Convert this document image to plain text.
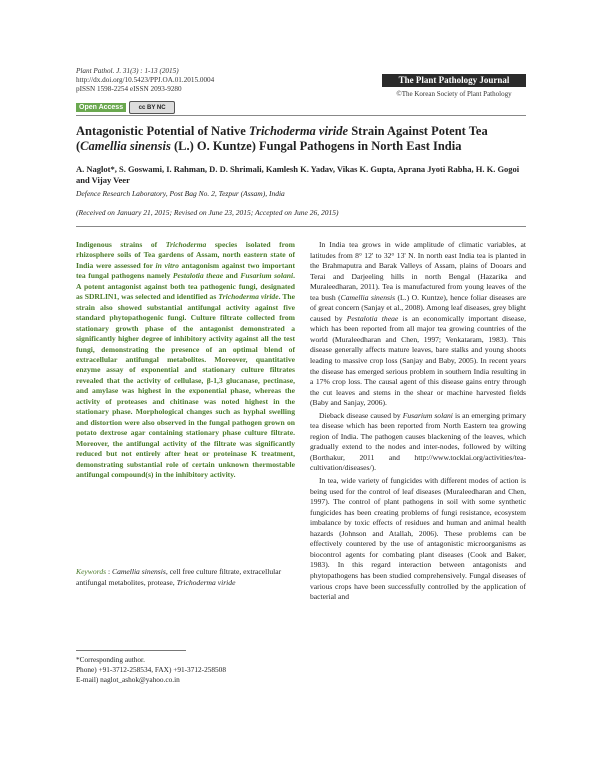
Plant Pathol. J. 31(3) : 1-13 (2015)
http://dx.doi.org/10.5423/PPJ.OA.01.2015.0004
pISSN 1598-2254 eISSN 2093-9280
Open Access	cc BY NC
The Plant Pathology Journal
©The Korean Society of Plant Pathology
Antagonistic Potential of Native Trichoderma viride Strain Against Potent Tea (Camellia sinensis (L.) O. Kuntze) Fungal Pathogens in North East India
A. Naglot*, S. Goswami, I. Rahman, D. D. Shrimali, Kamlesh K. Yadav, Vikas K. Gupta, Aprana Jyoti Rabha, H. K. Gogoi and Vijay Veer
Defence Research Laboratory, Post Bag No. 2, Tezpur (Assam), India
(Received on January 21, 2015; Revised on June 23, 2015; Accepted on June 26, 2015)
Indigenous strains of Trichoderma species isolated from rhizosphere soils of Tea gardens of Assam, north eastern state of India were assessed for in vitro antagonism against two important tea fungal pathogens namely Pestalotia theae and Fusarium solani. A potent antagonist against both tea pathogenic fungi, designated as SDRLIN1, was selected and identified as Trichoderma viride. The strain also showed substantial antifungal activity against five standard phytopathogenic fungi. Culture filtrate collected from stationary growth phase of the antagonist demonstrated a significantly higher degree of inhibitory activity against all the test fungi, demonstrating the presence of an optimal blend of extracellular antifungal metabolites. Moreover, quantitative enzyme assay of exponential and stationary culture filtrates revealed that the activity of cellulase, β-1,3 glucanase, pectinase, and amylase was highest in the exponential phase, whereas the activity of proteases and chitinase was noted highest in the stationary phase. Morphological changes such as hyphal swelling and distortion were also observed in the fungal pathogen grown on potato dextrose agar containing stationary phase culture filtrate. Moreover, the antifungal activity of the filtrate was significantly reduced but not entirely after heat or proteinase K treatment, demonstrating substantial role of certain unknown thermostable antifungal compound(s) in the inhibitory activity.
Keywords : Camellia sinensis, cell free culture filtrate, extracellular antifungal metabolites, protease, Trichoderma viride
*Corresponding author.
Phone) +91-3712-258534, FAX) +91-3712-258508
E-mail) naglot_ashok@yahoo.co.in

In India tea grows in wide amplitude of climatic variables, at latitudes from 8° 12' to 32° 13' N. In north east India tea is planted in the Brahmaputra and Barak Valleys of Assam, plains of Dooars and Terai and Darjeeling hills in north Bengal (Hazarika and Muraleedharan, 2011). Tea is manufactured from young leaves of the tea bush (Camellia sinensis (L.) O. Kuntze), hence foliar diseases are of great concern (Sanjay et al., 2008). Among leaf diseases, grey blight caused by Pestalotia theae is an economically important disease, which has been reported from all major tea growing countries of the world (Muraleedharan and Chen, 1997; Venkataram, 1983). This disease generally affects mature leaves, bare stalks and young shoots leading to massive crop loss (Sanjay and Baby, 2005). In recent years the disease has emerged serious problem in southern India resulting in a 17% crop loss. The causal agent of this disease gains entry through the cut leaves and stems in the shear or machine harvested fields (Baby and Sanjay, 2006).

Dieback disease caused by Fusarium solani is an emerging primary tea disease which has been reported from North Eastern tea growing region of India. The pathogen causes blackening of the leaves, which gradually extend to the nodes and inter-nodes, followed by wilting (Borthakur, 2011 and http://www.tocklai.org/activities/tea-cultivation/diseases/).

In tea, wide variety of fungicides with different modes of action is being used for the control of leaf diseases (Muraleedharan and Chen, 1997). The control of plant pathogens in soil with some synthetic fungicides has been creating problems of fungi resistance, ecosystem imbalance by toxic effects of residues and human and animal health hazards (Johnson and Atallah, 2006). These problems can be effectively countered by the use of antagonistic microorganisms as biocontrol agents for combating plant diseases (Cook and Baker, 1983). In this regard interaction between antagonists and phytopathogens has been studied comprehensively. Fungal diseases of various crops have been successfully controlled by the application of bacterial and
